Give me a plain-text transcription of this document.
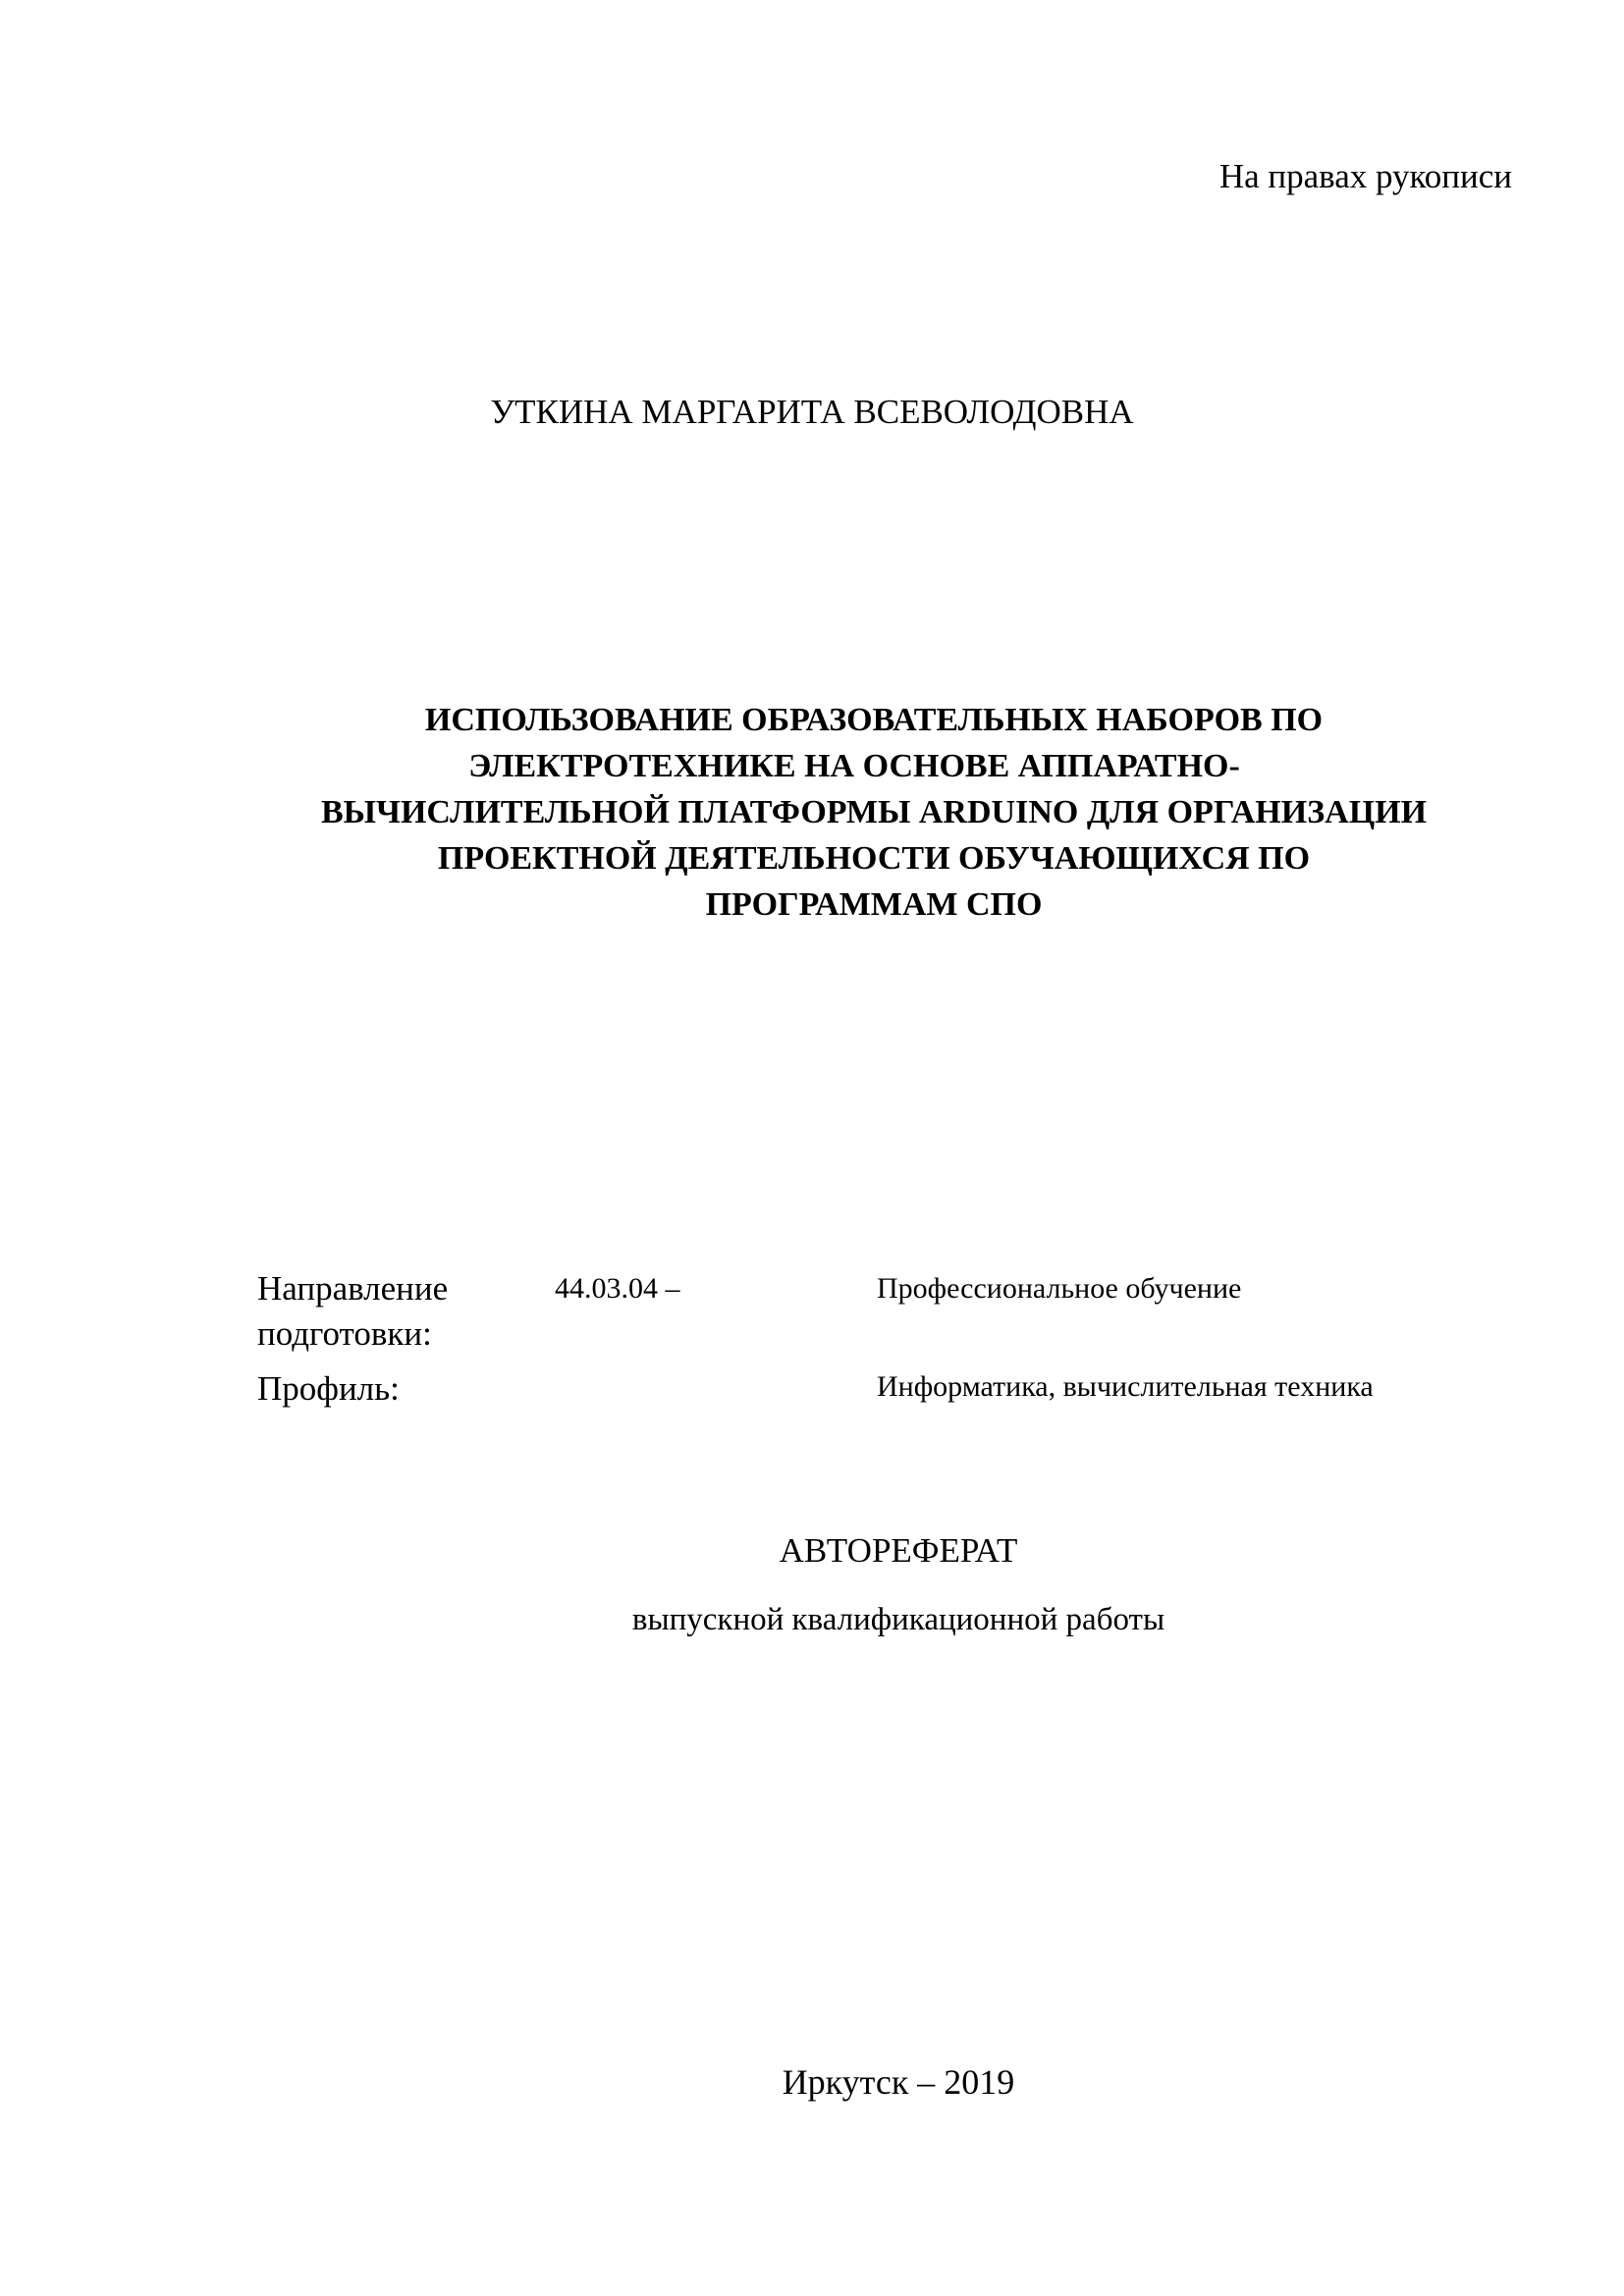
На правах рукописи
УТКИНА МАРГАРИТА ВСЕВОЛОДОВНА
ИСПОЛЬЗОВАНИЕ ОБРАЗОВАТЕЛЬНЫХ НАБОРОВ ПО
ЭЛЕКТРОТЕХНИКЕ НА ОСНОВЕ АППАРАТНО-
ВЫЧИСЛИТЕЛЬНОЙ ПЛАТФОРМЫ ARDUINO ДЛЯ ОРГАНИЗАЦИИ
ПРОЕКТНОЙ ДЕЯТЕЛЬНОСТИ ОБУЧАЮЩИХСЯ ПО
ПРОГРАММАМ СПО
Направление
подготовки:
44.03.04 –	Профессиональное обучение
Профиль:	Информатика, вычислительная техника
АВТОРЕФЕРАТ
выпускной квалификационной работы
Иркутск – 2019
